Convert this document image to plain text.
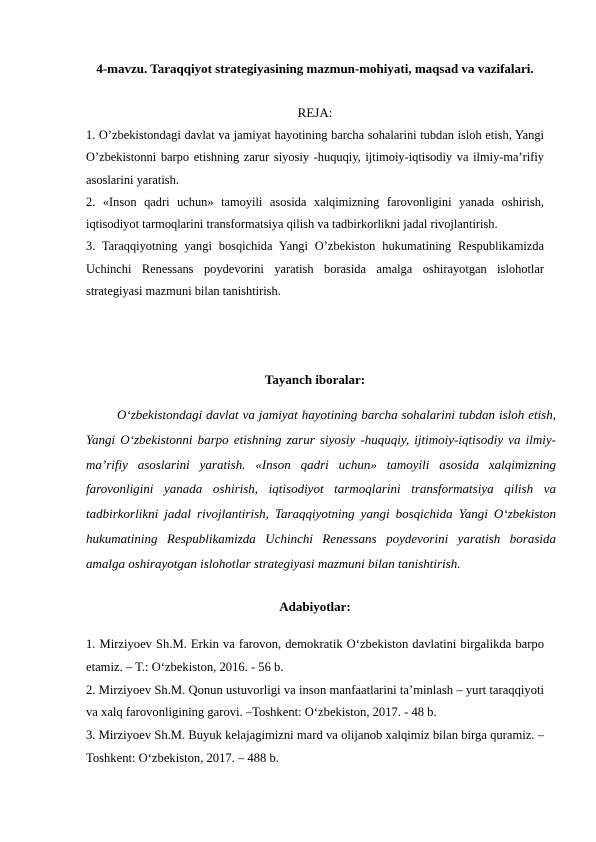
4-mavzu. Taraqqiyot strategiyasining mazmun-mohiyati, maqsad va vazifalari.
REJA:

1. O’zbekistondagi davlat va jamiyat hayotining barcha sohalarini tubdan isloh etish, Yangi O’zbekistonni barpo etishning zarur siyosiy -huquqiy, ijtimoiy-iqtisodiy va ilmiy-ma’rifiy asoslarini yaratish.

2. «Inson qadri uchun» tamoyili asosida xalqimizning farovonligini yanada oshirish, iqtisodiyot tarmoqlarini transformatsiya qilish va tadbirkorlikni jadal rivojlantirish.

3. Taraqqiyotning yangi bosqichida Yangi O’zbekiston hukumatining Respublikamizda Uchinchi Renessans poydevorini yaratish borasida amalga oshirayotgan islohotlar strategiyasi mazmuni bilan tanishtirish.

Tayanch iboralar:

O‘zbekistondagi davlat va jamiyat hayotining barcha sohalarini tubdan isloh etish, Yangi O‘zbekistonni barpo etishning zarur siyosiy -huquqiy, ijtimoiy-iqtisodiy va ilmiy-ma’rifiy asoslarini yaratish. «Inson qadri uchun» tamoyili asosida xalqimizning farovonligini yanada oshirish, iqtisodiyot tarmoqlarini transformatsiya qilish va tadbirkorlikni jadal rivojlantirish, Taraqqiyotning yangi bosqichida Yangi O‘zbekiston hukumatining Respublikamizda Uchinchi Renessans poydevorini yaratish borasida amalga oshirayotgan islohotlar strategiyasi mazmuni bilan tanishtirish.

Adabiyotlar:

1. Mirziyoev Sh.M. Erkin va farovon, demokratik O‘zbekiston davlatini birgalikda barpo etamiz. – T.: O‘zbekiston, 2016. - 56 b.

2. Mirziyoev Sh.M. Qonun ustuvorligi va inson manfaatlarini ta’minlash – yurt taraqqiyoti va xalq farovonligining garovi. –Toshkent: O‘zbekiston, 2017. - 48 b.

3. Mirziyoev Sh.M. Buyuk kelajagimizni mard va olijanob xalqimiz bilan birga quramiz. – Toshkent: O‘zbekiston, 2017. – 488 b.
